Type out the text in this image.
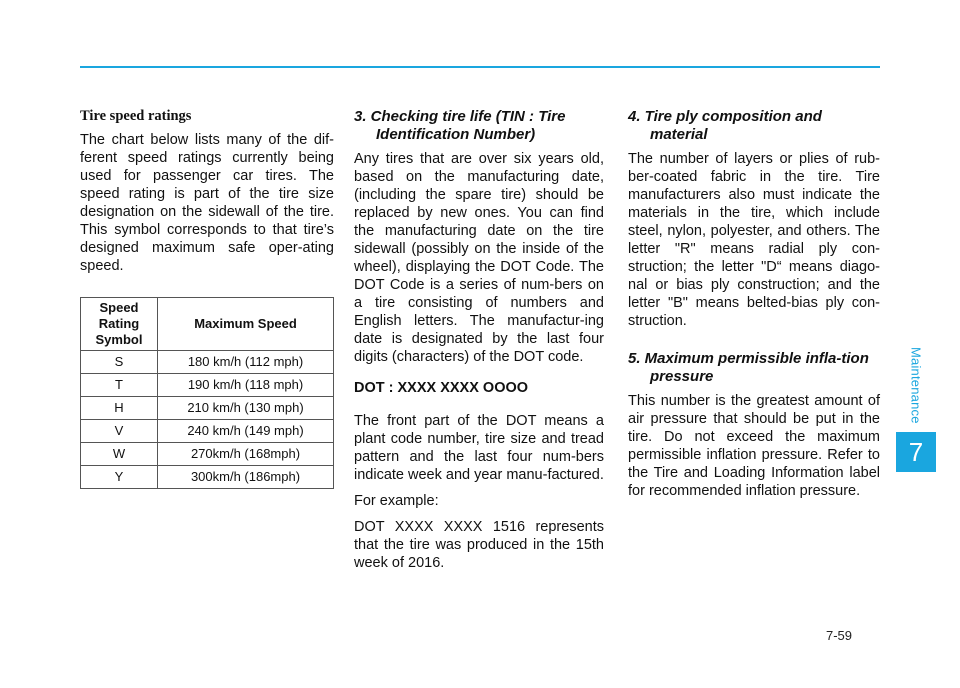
Tire speed ratings

The chart below lists many of the dif-ferent speed ratings currently being used for passenger car tires. The speed rating is part of the tire size designation on the sidewall of the tire. This symbol corresponds to that tire’s designed maximum safe oper-ating speed.

Speed Rating Symbol	Maximum Speed
S	180 km/h (112 mph)
T	190 km/h (118 mph)
H	210 km/h (130 mph)
V	240 km/h (149 mph)
W	270km/h (168mph)
Y	300km/h (186mph)
3. Checking tire life (TIN : Tire Identification Number)

Any tires that are over six years old, based on the manufacturing date, (including the spare tire) should be replaced by new ones. You can find the manufacturing date on the tire sidewall (possibly on the inside of the wheel), displaying the DOT Code. The DOT Code is a series of num-bers on a tire consisting of numbers and English letters. The manufactur-ing date is designated by the last four digits (characters) of the DOT code.

DOT : XXXX XXXX OOOO

The front part of the DOT means a plant code number, tire size and tread pattern and the last four num-bers indicate week and year manu-factured.

For example:

DOT XXXX XXXX 1516 represents that the tire was produced in the 15th week of 2016.

4. Tire ply composition and material

The number of layers or plies of rub-ber-coated fabric in the tire. Tire manufacturers also must indicate the materials in the tire, which include steel, nylon, polyester, and others. The letter "R" means radial ply con-struction; the letter "D“ means diago-nal or bias ply construction; and the letter "B" means belted-bias ply con-struction.

5. Maximum permissible infla-tion pressure

This number is the greatest amount of air pressure that should be put in the tire. Do not exceed the maximum permissible inflation pressure. Refer to the Tire and Loading Information label for recommended inflation pressure.

Maintenance
7
7-59
